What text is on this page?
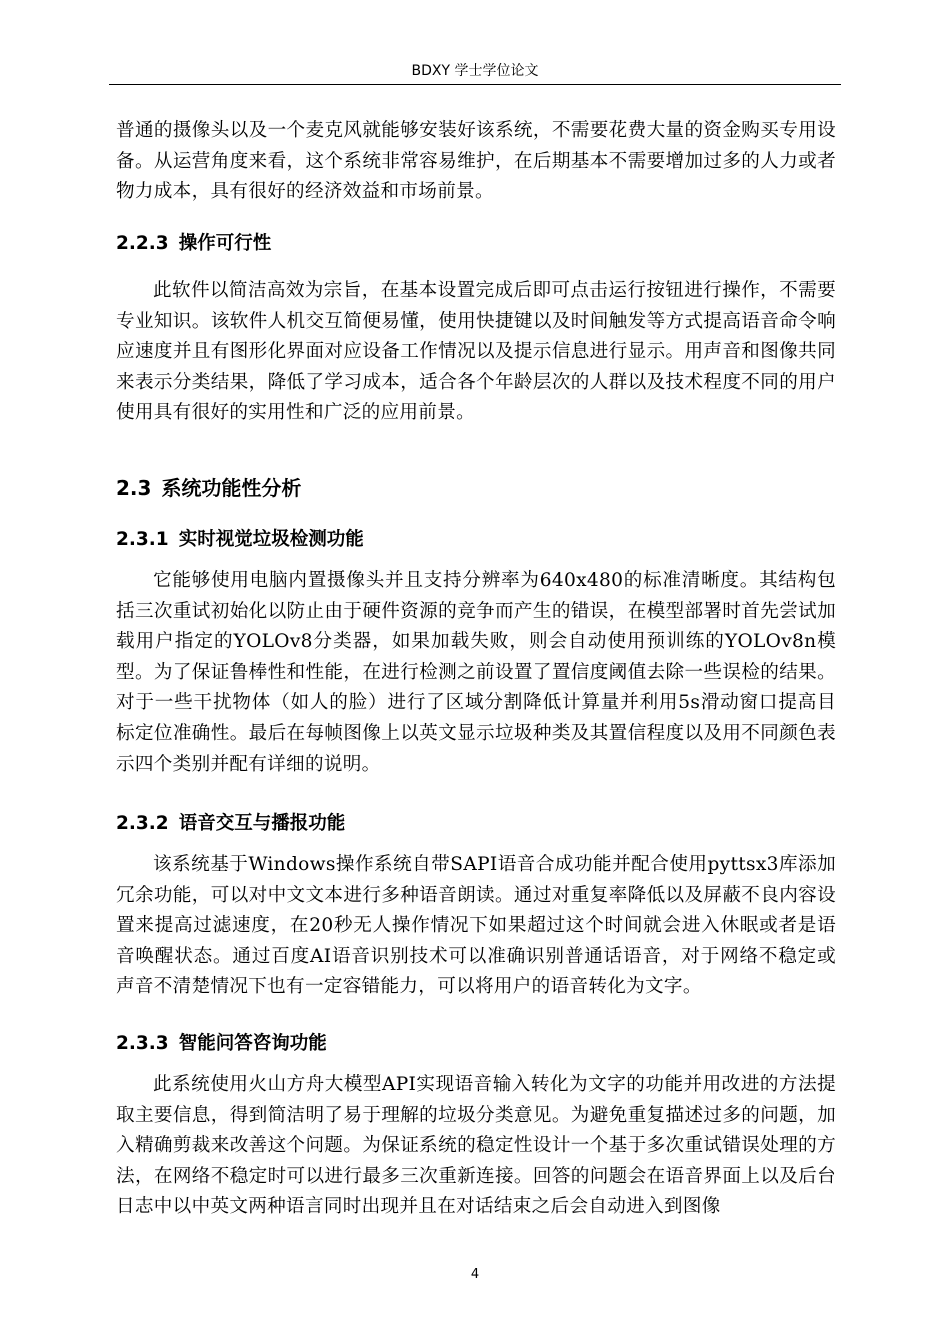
BDXY 学士学位论文

普通的摄像头以及一个麦克风就能够安装好该系统，不需要花费大量的资金购买专用设备。从运营角度来看，这个系统非常容易维护，在后期基本不需要增加过多的人力或者物力成本，具有很好的经济效益和市场前景。

2.2.3 操作可行性

此软件以简洁高效为宗旨，在基本设置完成后即可点击运行按钮进行操作，不需要专业知识。该软件人机交互简便易懂，使用快捷键以及时间触发等方式提高语音命令响应速度并且有图形化界面对应设备工作情况以及提示信息进行显示。用声音和图像共同来表示分类结果，降低了学习成本，适合各个年龄层次的人群以及技术程度不同的用户使用具有很好的实用性和广泛的应用前景。

2.3 系统功能性分析
2.3.1 实时视觉垃圾检测功能

它能够使用电脑内置摄像头并且支持分辨率为640x480的标准清晰度。其结构包括三次重试初始化以防止由于硬件资源的竞争而产生的错误，在模型部署时首先尝试加载用户指定的YOLOv8分类器，如果加载失败，则会自动使用预训练的YOLOv8n模型。为了保证鲁棒性和性能，在进行检测之前设置了置信度阈值去除一些误检的结果。对于一些干扰物体（如人的脸）进行了区域分割降低计算量并利用5s滑动窗口提高目标定位准确性。最后在每帧图像上以英文显示垃圾种类及其置信程度以及用不同颜色表示四个类别并配有详细的说明。

2.3.2 语音交互与播报功能

该系统基于Windows操作系统自带SAPI语音合成功能并配合使用pyttsx3库添加冗余功能，可以对中文文本进行多种语音朗读。通过对重复率降低以及屏蔽不良内容设置来提高过滤速度，在20秒无人操作情况下如果超过这个时间就会进入休眠或者是语音唤醒状态。通过百度AI语音识别技术可以准确识别普通话语音，对于网络不稳定或声音不清楚情况下也有一定容错能力，可以将用户的语音转化为文字。

2.3.3 智能问答咨询功能

此系统使用火山方舟大模型API实现语音输入转化为文字的功能并用改进的方法提取主要信息，得到简洁明了易于理解的垃圾分类意见。为避免重复描述过多的问题，加入精确剪裁来改善这个问题。为保证系统的稳定性设计一个基于多次重试错误处理的方法，在网络不稳定时可以进行最多三次重新连接。回答的问题会在语音界面上以及后台日志中以中英文两种语言同时出现并且在对话结束之后会自动进入到图像

4
